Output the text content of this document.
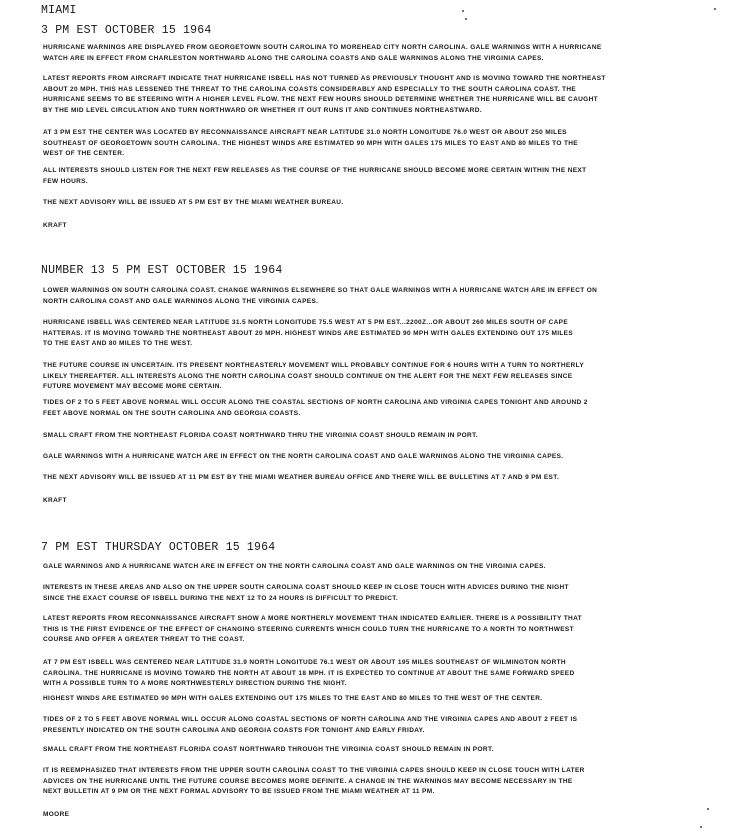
MIAMI
3 PM EST OCTOBER 15 1964

HURRICANE WARNINGS ARE DISPLAYED FROM GEORGETOWN SOUTH CAROLINA TO MOREHEAD CITY NORTH CAROLINA. GALE WARNINGS WITH A HURRICANE
WATCH ARE IN EFFECT FROM CHARLESTON NORTHWARD ALONG THE CAROLINA COASTS AND GALE WARNINGS ALONG THE VIRGINIA CAPES.

LATEST REPORTS FROM AIRCRAFT INDICATE THAT HURRICANE ISBELL HAS NOT TURNED AS PREVIOUSLY THOUGHT AND IS MOVING TOWARD THE NORTHEAST
ABOUT 20 MPH. THIS HAS LESSENED THE THREAT TO THE CAROLINA COASTS CONSIDERABLY AND ESPECIALLY TO THE SOUTH CAROLINA COAST. THE
HURRICANE SEEMS TO BE STEERING WITH A HIGHER LEVEL FLOW. THE NEXT FEW HOURS SHOULD DETERMINE WHETHER THE HURRICANE WILL BE CAUGHT
BY THE MID LEVEL CIRCULATION AND TURN NORTHWARD OR WHETHER IT OUT RUNS IT AND CONTINUES NORTHEASTWARD.

AT 3 PM EST THE CENTER WAS LOCATED BY RECONNAISSANCE AIRCRAFT NEAR LATITUDE 31.0 NORTH LONGITUDE 76.0 WEST OR ABOUT 250 MILES
SOUTHEAST OF GEORGETOWN SOUTH CAROLINA. THE HIGHEST WINDS ARE ESTIMATED 90 MPH WITH GALES 175 MILES TO EAST AND 80 MILES TO THE
WEST OF THE CENTER.

ALL INTERESTS SHOULD LISTEN FOR THE NEXT FEW RELEASES AS THE COURSE OF THE HURRICANE SHOULD BECOME MORE CERTAIN WITHIN THE NEXT
FEW HOURS.

THE NEXT ADVISORY WILL BE ISSUED AT 5 PM EST BY THE MIAMI WEATHER BUREAU.

KRAFT

NUMBER 13 5 PM EST OCTOBER 15 1964

LOWER WARNINGS ON SOUTH CAROLINA COAST. CHANGE WARNINGS ELSEWHERE SO THAT GALE WARNINGS WITH A HURRICANE WATCH ARE IN EFFECT ON
NORTH CAROLINA COAST AND GALE WARNINGS ALONG THE VIRGINIA CAPES.

HURRICANE ISBELL WAS CENTERED NEAR LATITUDE 31.5 NORTH LONGITUDE 75.5 WEST AT 5 PM EST...2200Z...OR ABOUT 260 MILES SOUTH OF CAPE
HATTERAS. IT IS MOVING TOWARD THE NORTHEAST ABOUT 20 MPH. HIGHEST WINDS ARE ESTIMATED 90 MPH WITH GALES EXTENDING OUT 175 MILES
TO THE EAST AND 80 MILES TO THE WEST.

THE FUTURE COURSE IN UNCERTAIN. ITS PRESENT NORTHEASTERLY MOVEMENT WILL PROBABLY CONTINUE FOR 6 HOURS WITH A TURN TO NORTHERLY
LIKELY THEREAFTER. ALL INTERESTS ALONG THE NORTH CAROLINA COAST SHOULD CONTINUE ON THE ALERT FOR THE NEXT FEW RELEASES SINCE
FUTURE MOVEMENT MAY BECOME MORE CERTAIN.

TIDES OF 2 TO 5 FEET ABOVE NORMAL WILL OCCUR ALONG THE COASTAL SECTIONS OF NORTH CAROLINA AND VIRGINIA CAPES TONIGHT AND AROUND 2
FEET ABOVE NORMAL ON THE SOUTH CAROLINA AND GEORGIA COASTS.

SMALL CRAFT FROM THE NORTHEAST FLORIDA COAST NORTHWARD THRU THE VIRGINIA COAST SHOULD REMAIN IN PORT.

GALE WARNINGS WITH A HURRICANE WATCH ARE IN EFFECT ON THE NORTH CAROLINA COAST AND GALE WARNINGS ALONG THE VIRGINIA CAPES.

THE NEXT ADVISORY WILL BE ISSUED AT 11 PM EST BY THE MIAMI WEATHER BUREAU OFFICE AND THERE WILL BE BULLETINS AT 7 AND 9 PM EST.

KRAFT

7 PM EST THURSDAY OCTOBER 15 1964

GALE WARNINGS AND A HURRICANE WATCH ARE IN EFFECT ON THE NORTH CAROLINA COAST AND GALE WARNINGS ON THE VIRGINIA CAPES.

INTERESTS IN THESE AREAS AND ALSO ON THE UPPER SOUTH CAROLINA COAST SHOULD KEEP IN CLOSE TOUCH WITH ADVICES DURING THE NIGHT
SINCE THE EXACT COURSE OF ISBELL DURING THE NEXT 12 TO 24 HOURS IS DIFFICULT TO PREDICT.

LATEST REPORTS FROM RECONNAISSANCE AIRCRAFT SHOW A MORE NORTHERLY MOVEMENT THAN INDICATED EARLIER. THERE IS A POSSIBILITY THAT
THIS IS THE FIRST EVIDENCE OF THE EFFECT OF CHANGING STEERING CURRENTS WHICH COULD TURN THE HURRICANE TO A NORTH TO NORTHWEST
COURSE AND OFFER A GREATER THREAT TO THE COAST.

AT 7 PM EST ISBELL WAS CENTERED NEAR LATITUDE 31.9 NORTH LONGITUDE 76.1 WEST OR ABOUT 195 MILES SOUTHEAST OF WILMINGTON NORTH
CAROLINA. THE HURRICANE IS MOVING TOWARD THE NORTH AT ABOUT 18 MPH. IT IS EXPECTED TO CONTINUE AT ABOUT THE SAME FORWARD SPEED
WITH A POSSIBLE TURN TO A MORE NORTHWESTERLY DIRECTION DURING THE NIGHT.

HIGHEST WINDS ARE ESTIMATED 90 MPH WITH GALES EXTENDING OUT 175 MILES TO THE EAST AND 80 MILES TO THE WEST OF THE CENTER.

TIDES OF 2 TO 5 FEET ABOVE NORMAL WILL OCCUR ALONG COASTAL SECTIONS OF NORTH CAROLINA AND THE VIRGINIA CAPES AND ABOUT 2 FEET IS
PRESENTLY INDICATED ON THE SOUTH CAROLINA AND GEORGIA COASTS FOR TONIGHT AND EARLY FRIDAY.

SMALL CRAFT FROM THE NORTHEAST FLORIDA COAST NORTHWARD THROUGH THE VIRGINIA COAST SHOULD REMAIN IN PORT.

IT IS REEMPHASIZED THAT INTERESTS FROM THE UPPER SOUTH CAROLINA COAST TO THE VIRGINIA CAPES SHOULD KEEP IN CLOSE TOUCH WITH LATER
ADVICES ON THE HURRICANE UNTIL THE FUTURE COURSE BECOMES MORE DEFINITE. A CHANGE IN THE WARNINGS MAY BECOME NECESSARY IN THE
NEXT BULLETIN AT 9 PM OR THE NEXT FORMAL ADVISORY TO BE ISSUED FROM THE MIAMI WEATHER AT 11 PM.

MOORE
